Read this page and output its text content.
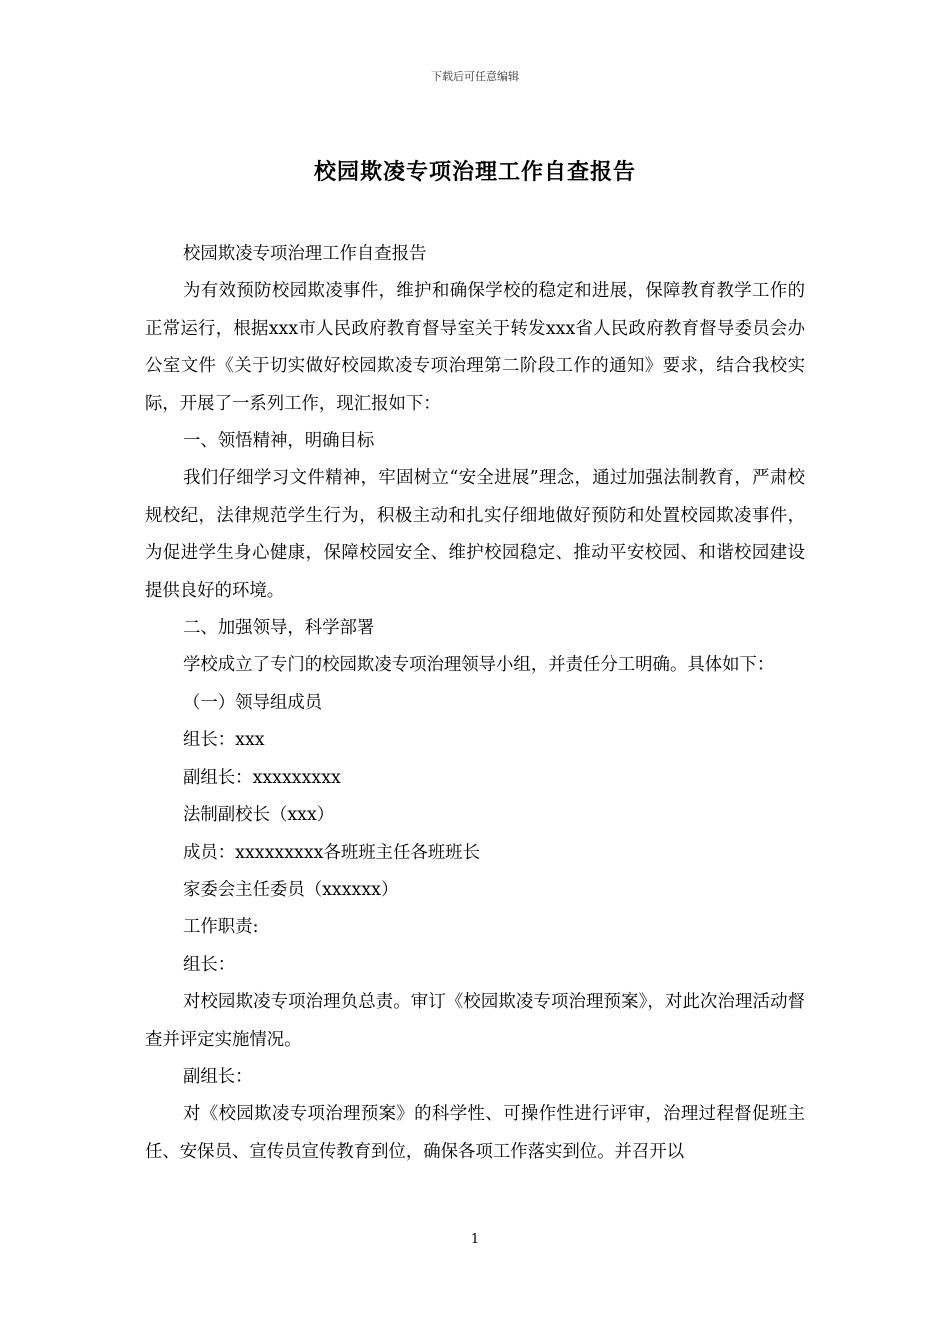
下载后可任意编辑
校园欺凌专项治理工作自查报告

校园欺凌专项治理工作自查报告

为有效预防校园欺凌事件，维护和确保学校的稳定和进展，保障教育教学工作的正常运行，根据xxx市人民政府教育督导室关于转发xxx省人民政府教育督导委员会办公室文件《关于切实做好校园欺凌专项治理第二阶段工作的通知》要求，结合我校实际，开展了一系列工作，现汇报如下：

一、领悟精神，明确目标

我们仔细学习文件精神，牢固树立“安全进展”理念，通过加强法制教育，严肃校规校纪，法律规范学生行为，积极主动和扎实仔细地做好预防和处置校园欺凌事件，为促进学生身心健康，保障校园安全、维护校园稳定、推动平安校园、和谐校园建设提供良好的环境。

二、加强领导，科学部署

学校成立了专门的校园欺凌专项治理领导小组，并责任分工明确。具体如下：

（一）领导组成员

组长：xxx

副组长：xxxxxxxxx

法制副校长（xxx）

成员：xxxxxxxxx各班班主任各班班长

家委会主任委员（xxxxxx）

工作职责:

组长：

对校园欺凌专项治理负总责。审订《校园欺凌专项治理预案》，对此次治理活动督查并评定实施情况。

副组长：

对《校园欺凌专项治理预案》的科学性、可操作性进行评审，治理过程督促班主任、安保员、宣传员宣传教育到位，确保各项工作落实到位。并召开以

1
